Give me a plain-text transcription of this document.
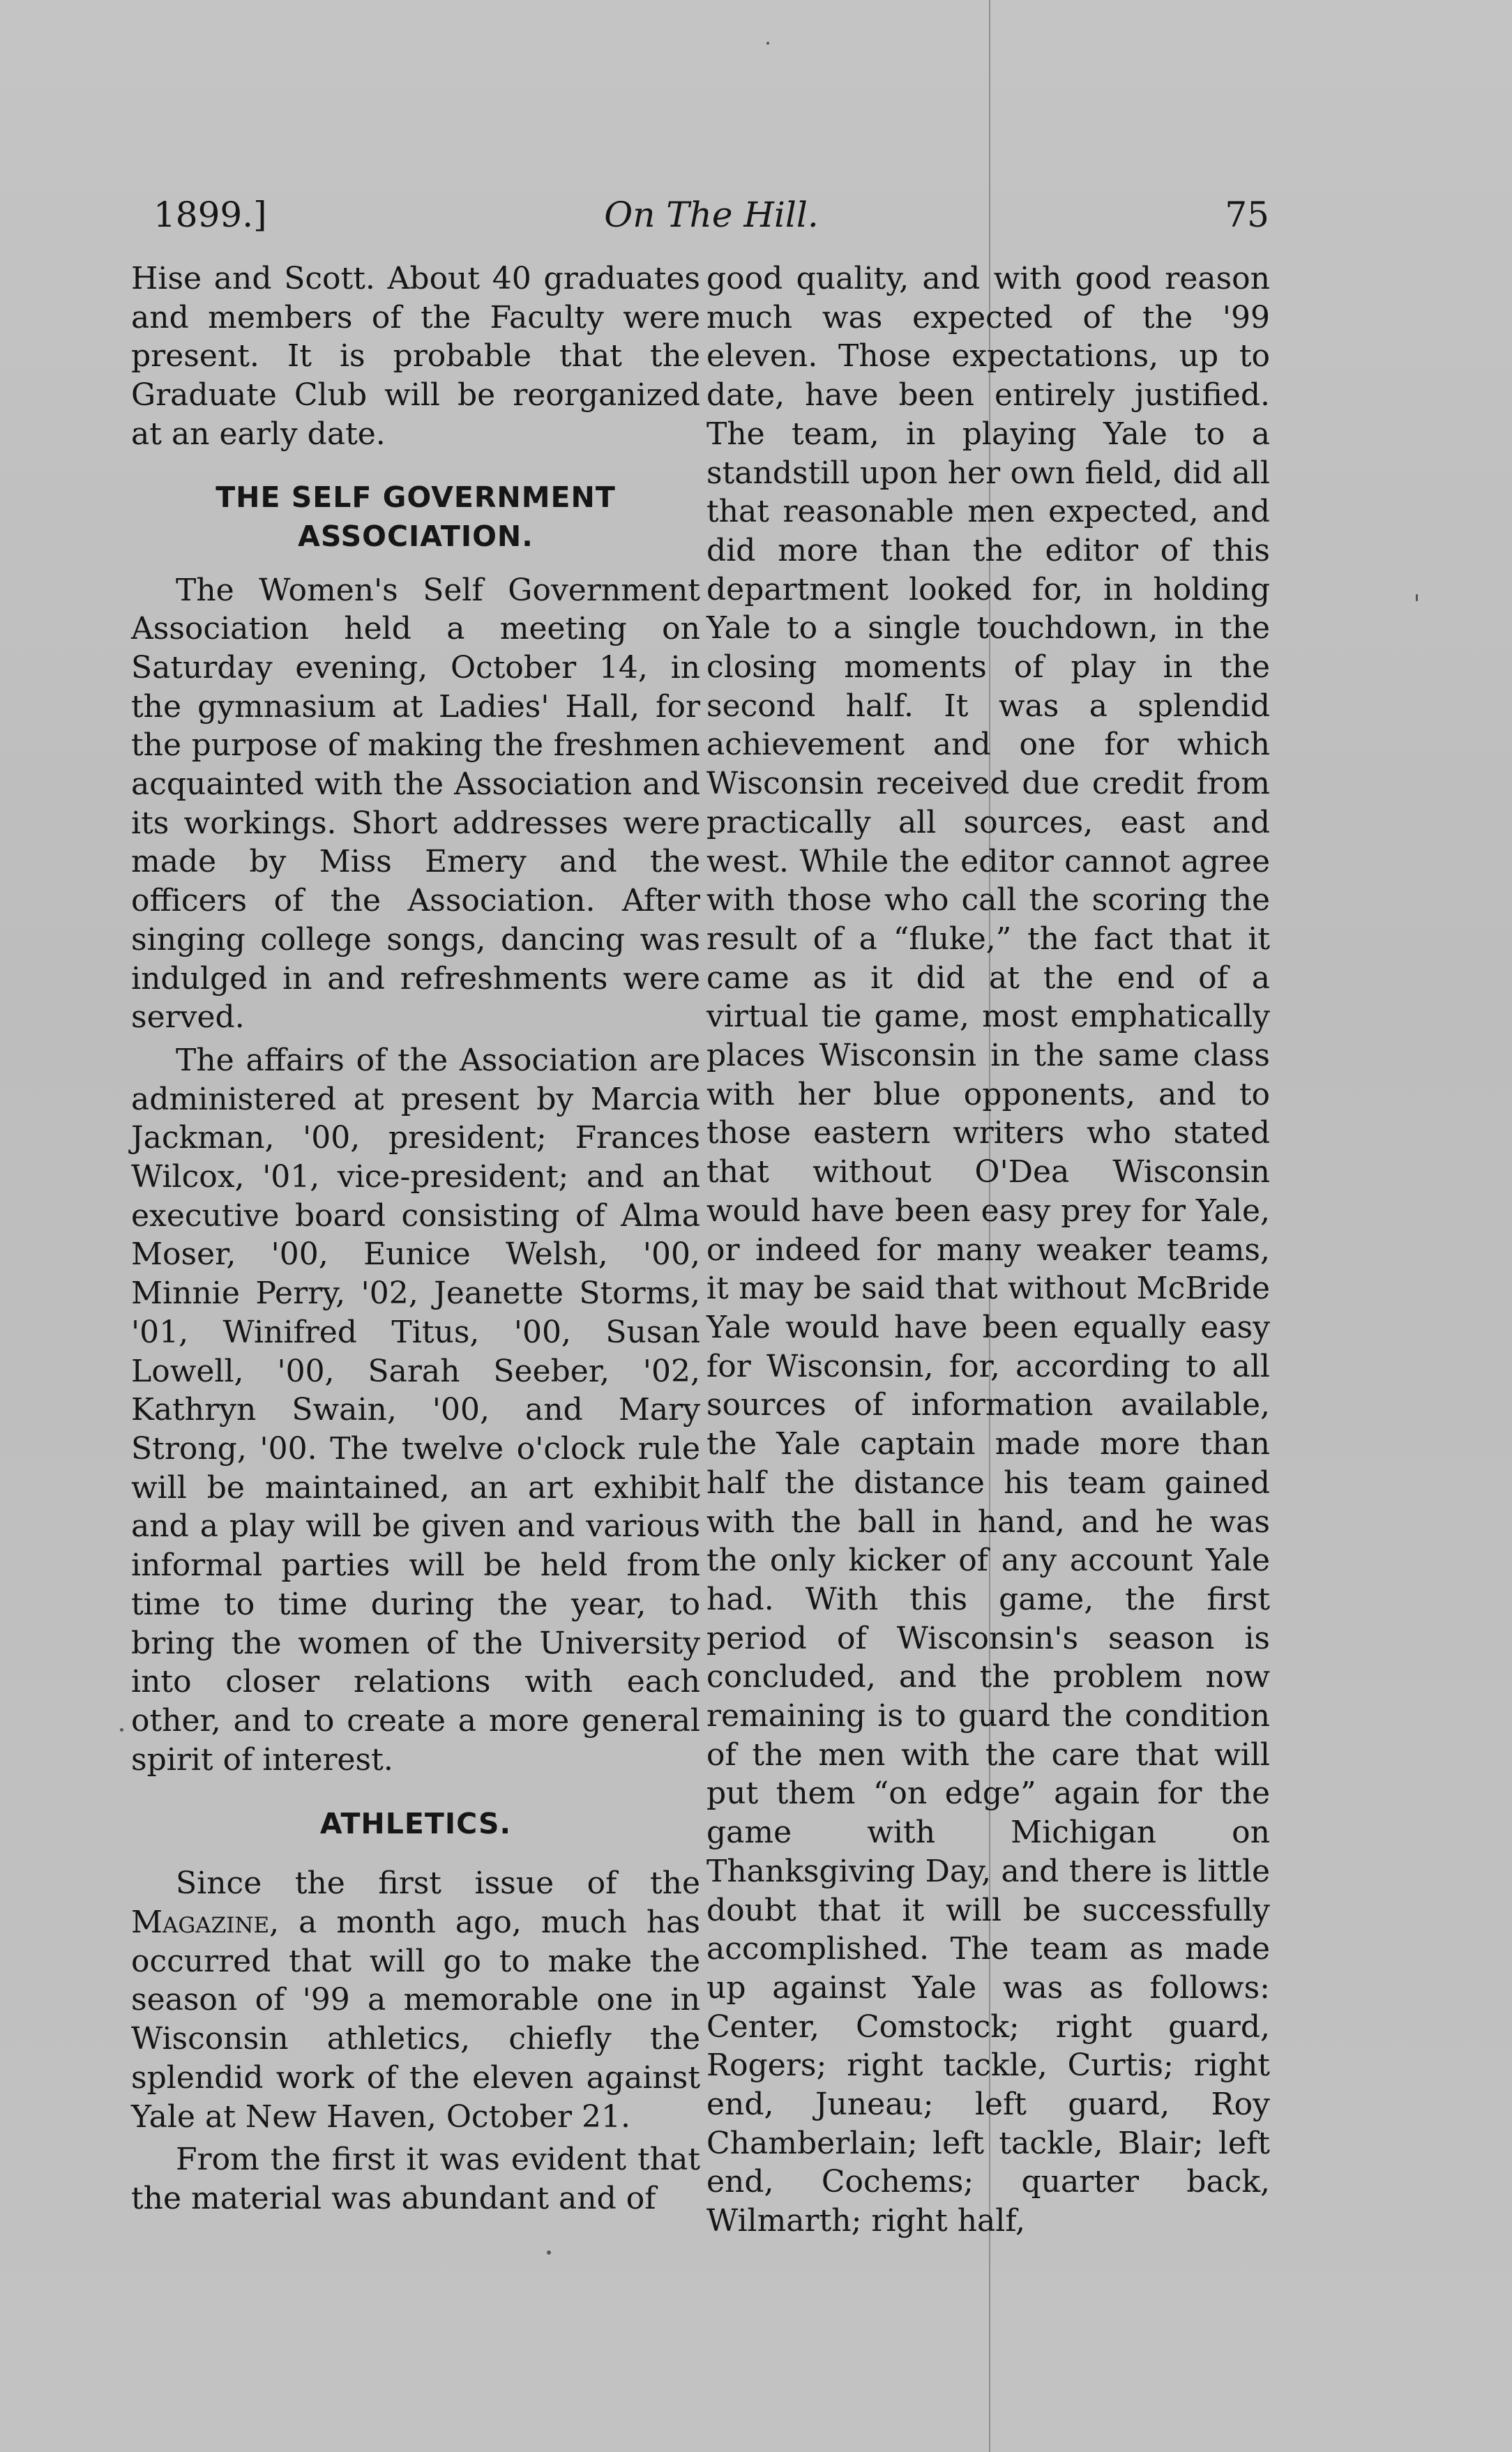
1899.]	On The Hill.	75

Hise and Scott. About 40 graduates and members of the Faculty were present. It is probable that the Graduate Club will be reorganized at an early date.

THE SELF GOVERNMENT ASSOCIATION.

The Women's Self Government Association held a meeting on Saturday evening, October 14, in the gymnasium at Ladies' Hall, for the purpose of making the freshmen acquainted with the Association and its workings. Short addresses were made by Miss Emery and the officers of the Association. After singing college songs, dancing was indulged in and refreshments were served.

The affairs of the Association are administered at present by Marcia Jackman, '00, president; Frances Wilcox, '01, vice-president; and an executive board consisting of Alma Moser, '00, Eunice Welsh, '00, Minnie Perry, '02, Jeanette Storms, '01, Winifred Titus, '00, Susan Lowell, '00, Sarah Seeber, '02, Kathryn Swain, '00, and Mary Strong, '00. The twelve o'clock rule will be maintained, an art exhibit and a play will be given and various informal parties will be held from time to time during the year, to bring the women of the University into closer relations with each other, and to create a more general spirit of interest.

ATHLETICS.

Since the first issue of the Magazine, a month ago, much has occurred that will go to make the season of '99 a memorable one in Wisconsin athletics, chiefly the splendid work of the eleven against Yale at New Haven, October 21.

From the first it was evident that the material was abundant and of

good quality, and with good reason much was expected of the '99 eleven. Those expectations, up to date, have been entirely justified. The team, in playing Yale to a standstill upon her own field, did all that reasonable men expected, and did more than the editor of this department looked for, in holding Yale to a single touchdown, in the closing moments of play in the second half. It was a splendid achievement and one for which Wisconsin received due credit from practically all sources, east and west. While the editor cannot agree with those who call the scoring the result of a “fluke,” the fact that it came as it did at the end of a virtual tie game, most emphatically places Wisconsin in the same class with her blue opponents, and to those eastern writers who stated that without O'Dea Wisconsin would have been easy prey for Yale, or indeed for many weaker teams, it may be said that without McBride Yale would have been equally easy for Wisconsin, for, according to all sources of information available, the Yale captain made more than half the distance his team gained with the ball in hand, and he was the only kicker of any account Yale had. With this game, the first period of Wisconsin's season is concluded, and the problem now remaining is to guard the condition of the men with the care that will put them “on edge” again for the game with Michigan on Thanksgiving Day, and there is little doubt that it will be successfully accomplished. The team as made up against Yale was as follows: Center, Comstock; right guard, Rogers; right tackle, Curtis; right end, Juneau; left guard, Roy Chamberlain; left tackle, Blair; left end, Cochems; quarter back, Wilmarth; right half,
